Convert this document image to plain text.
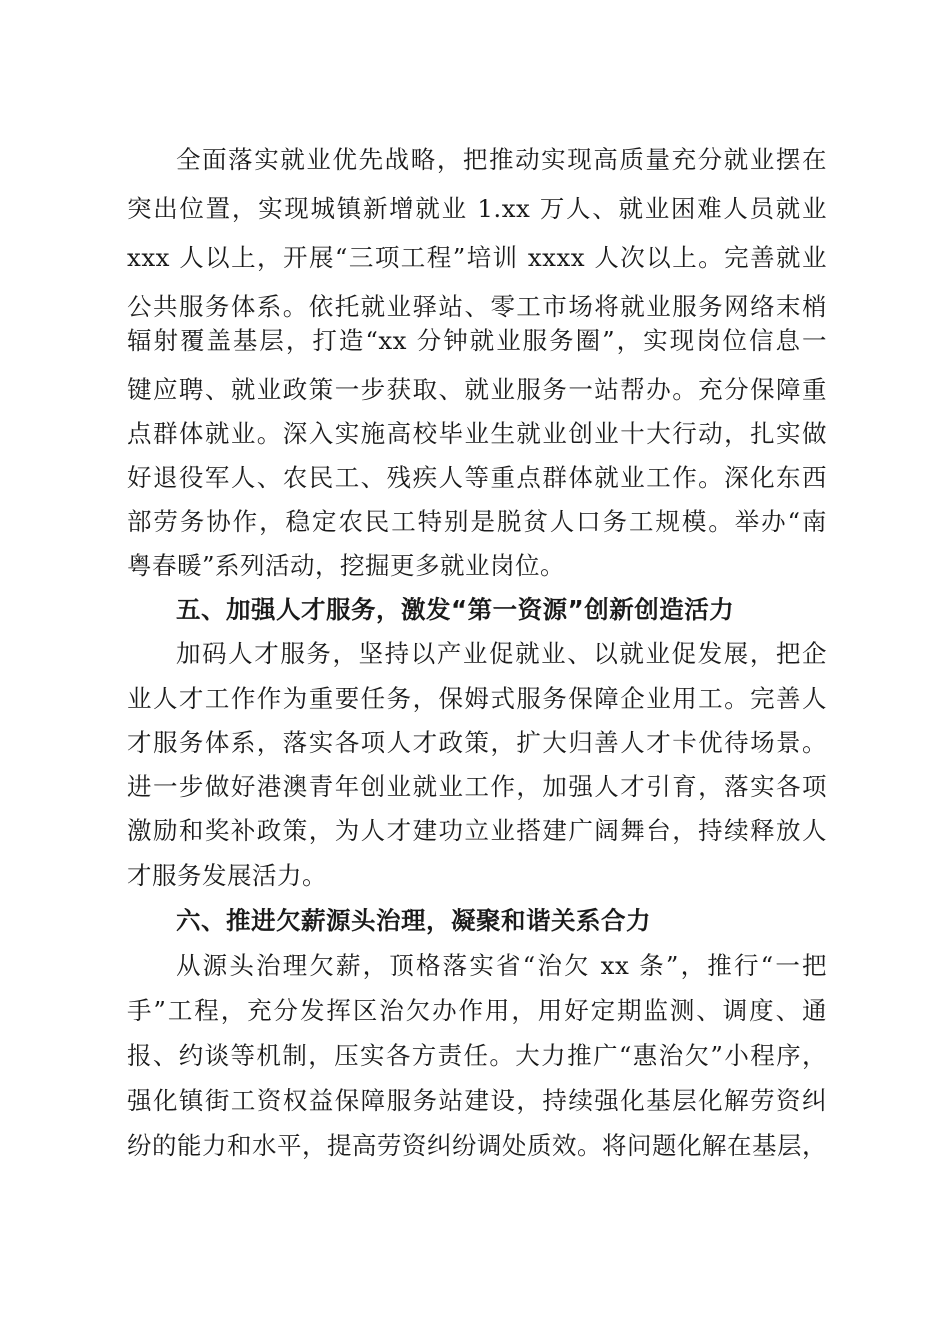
全面落实就业优先战略，把推动实现高质量充分就业摆在
突出位置，实现城镇新增就业 1.xx 万人、就业困难人员就业
xxx 人以上，开展“三项工程”培训 xxxx 人次以上。完善就业
公共服务体系。依托就业驿站、零工市场将就业服务网络末梢
辐射覆盖基层，打造“xx 分钟就业服务圈”，实现岗位信息一
键应聘、就业政策一步获取、就业服务一站帮办。充分保障重
点群体就业。深入实施高校毕业生就业创业十大行动，扎实做
好退役军人、农民工、残疾人等重点群体就业工作。深化东西
部劳务协作，稳定农民工特别是脱贫人口务工规模。举办“南
粤春暖”系列活动，挖掘更多就业岗位。
五、加强人才服务，激发“第一资源”创新创造活力
加码人才服务，坚持以产业促就业、以就业促发展，把企
业人才工作作为重要任务，保姆式服务保障企业用工。完善人
才服务体系，落实各项人才政策，扩大归善人才卡优待场景。
进一步做好港澳青年创业就业工作，加强人才引育，落实各项
激励和奖补政策，为人才建功立业搭建广阔舞台，持续释放人
才服务发展活力。
六、推进欠薪源头治理，凝聚和谐关系合力
从源头治理欠薪，顶格落实省“治欠 xx 条”，推行“一把
手”工程，充分发挥区治欠办作用，用好定期监测、调度、通
报、约谈等机制，压实各方责任。大力推广“惠治欠”小程序，
强化镇街工资权益保障服务站建设，持续强化基层化解劳资纠
纷的能力和水平，提高劳资纠纷调处质效。将问题化解在基层，
